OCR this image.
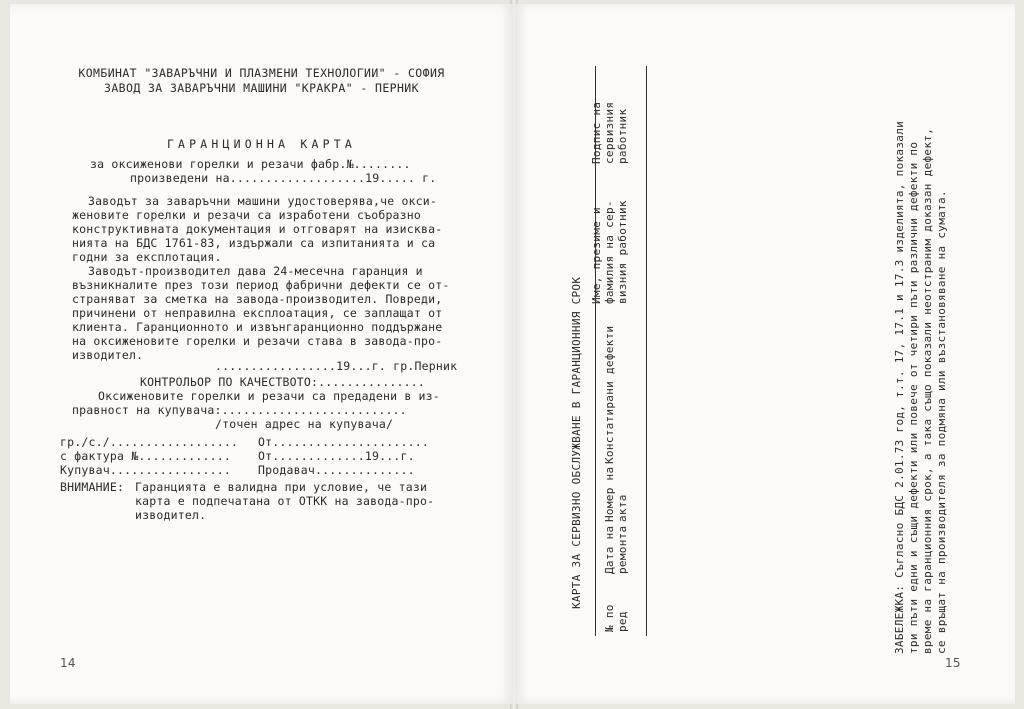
КОМБИНАТ "ЗАВАРЪЧНИ И ПЛАЗМЕНИ ТЕХНОЛОГИИ" - СОФИЯ
ЗАВОД ЗА ЗАВАРЪЧНИ МАШИНИ "КРАКРА" - ПЕРНИК
ГАРАНЦИОННА КАРТА
за оксиженови горелки и резачи фабр.№........
произведени на...................19..... г.
Заводът за заваръчни машини удостоверява,че окси-
женовите горелки и резачи са изработени съобразно
конструктивната документация и отговарят на изисква-
нията на БДС 1761-83, издържали са изпитанията и са
годни за експлотация.
Заводът-производител дава 24-месечна гаранция и
възникналите през този период фабрични дефекти се от-
страняват за сметка на завода-производител. Повреди,
причинени от неправилна експлоатация, се заплащат от
клиента. Гаранционното и извънгаранционно поддържане
на оксиженовите горелки и резачи става в завода-про-
изводител.
.................19...г. гр.Перник
КОНТРОЛЬОР ПО КАЧЕСТВОТО:...............
Оксиженовите горелки и резачи са предадени в из-
правност на купувача:..........................
/точен адрес на купувача/
гр./с./.................. От......................
с фактура №............. От.............19...г.
Купувач................. Продавач..............
ВНИМАНИЕ: Гаранцията е валидна при условие, че тази
карта е подпечатана от ОТКК на завода-про-
изводител.
14
КАРТА ЗА СЕРВИЗНО ОБСЛУЖВАНЕ В ГАРАНЦИОННИЯ СРОК
№ по ред
Дата на ремонта
Номер на акта
Констатирани дефекти
Име, презиме и фамилия на сер- визния работник
Подпис на сервизния работник	ЗАБЕЛЕЖКА: Съгласно БДС 2.01.73 год, т.т. 17, 17.1 и 17.3 изделията, показали три пъти едни и същи дефекти или повече от четири пъти различни дефекти по време на гаранционния срок, а така също показали неотстраним доказан дефект, се връщат на производителя за подмяна или възстановяване на сумата.
15
